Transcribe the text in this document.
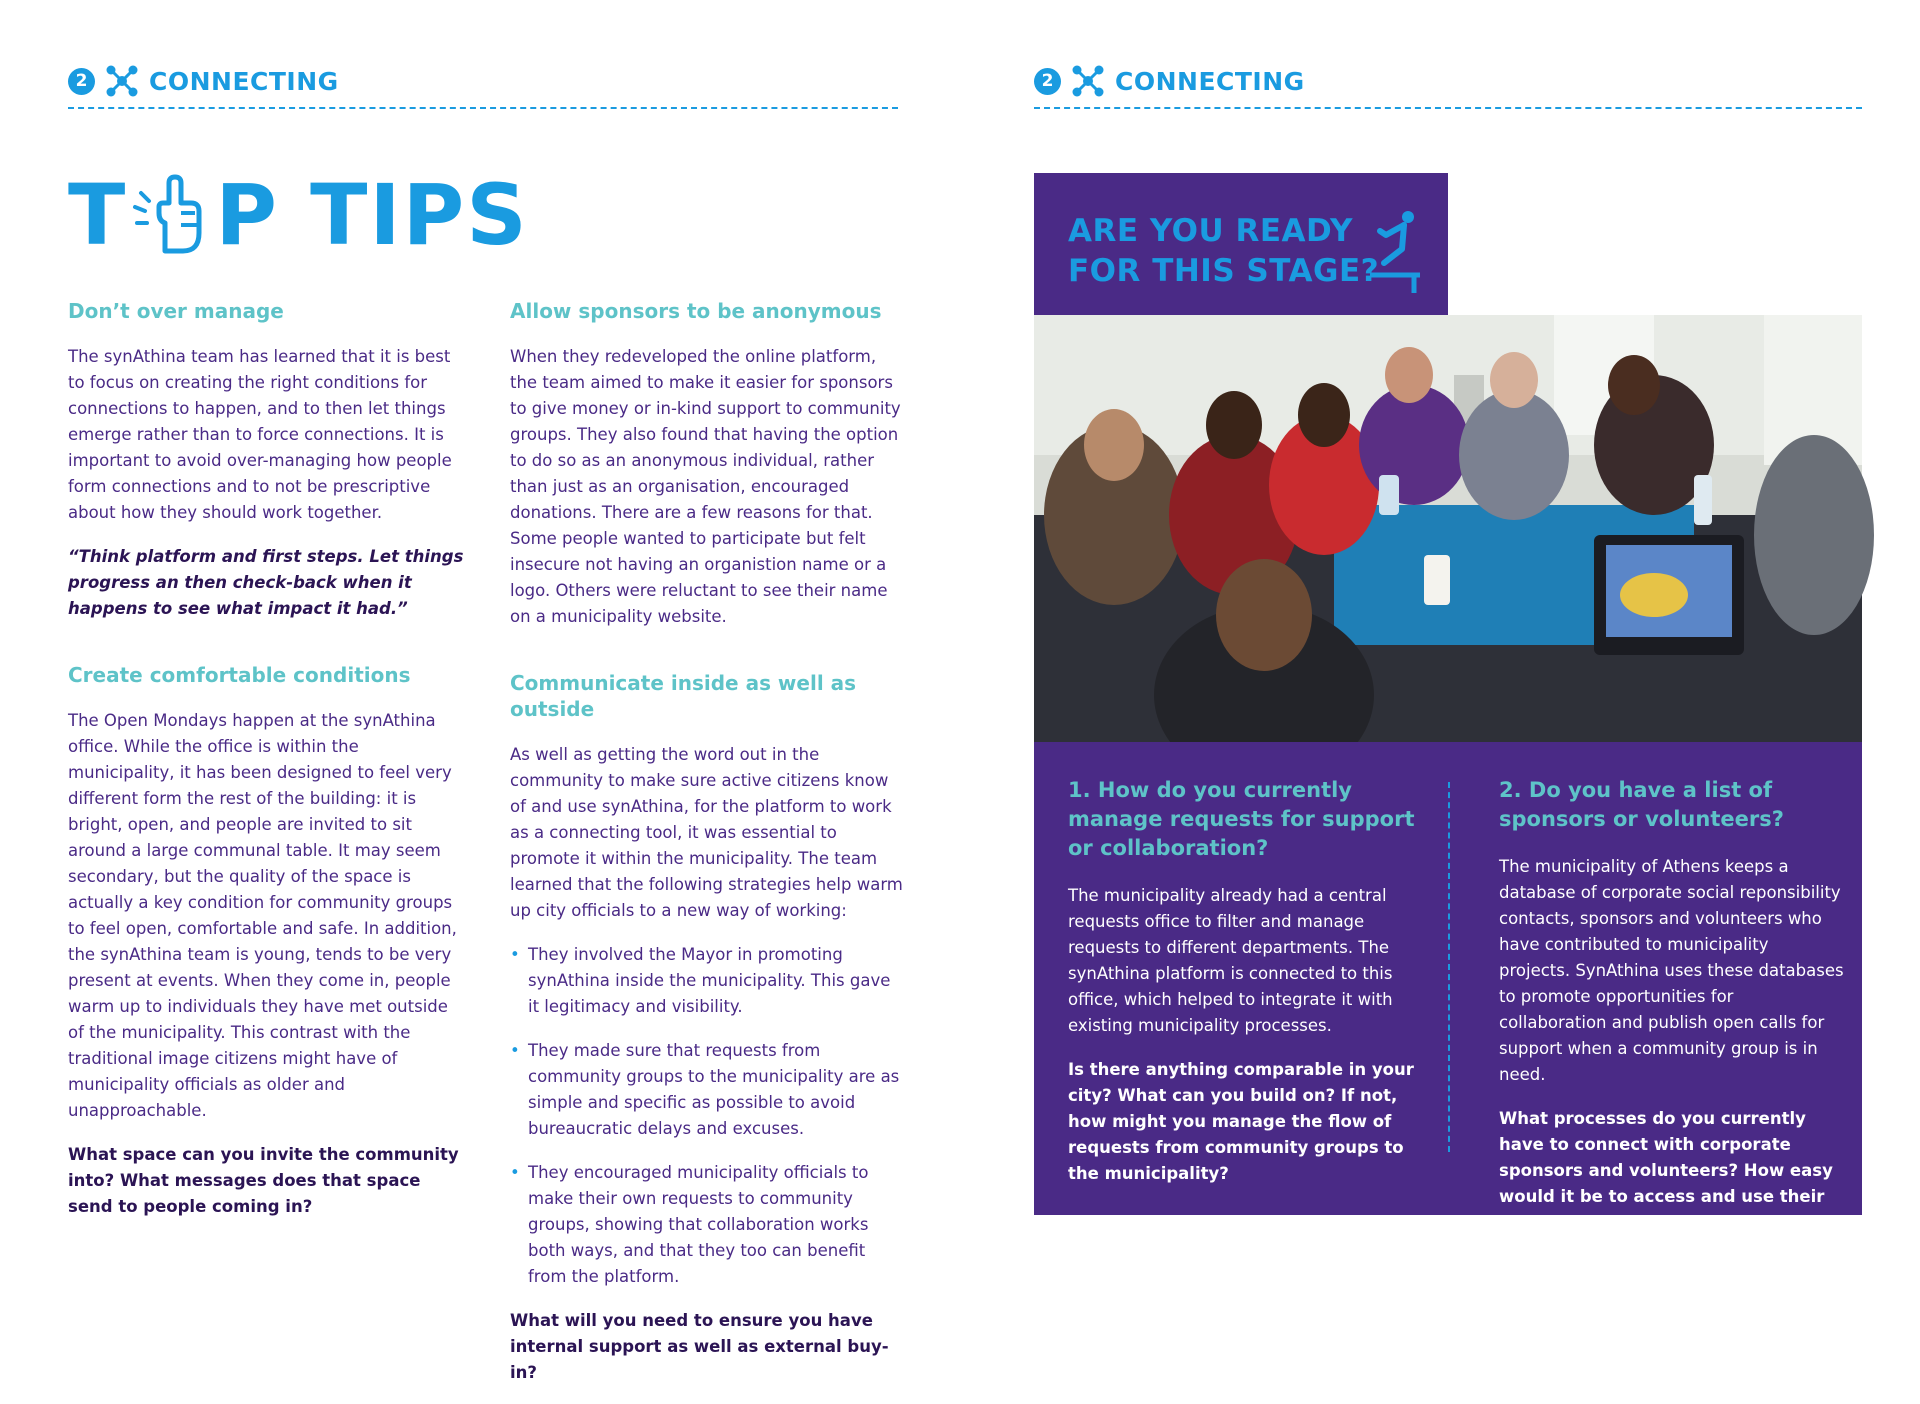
2	CONNECTING
T P TIPS
Don’t over manage

The synAthina team has learned that it is best to focus on creating the right conditions for connections to happen, and to then let things emerge rather than to force connections. It is important to avoid over-managing how people form connections and to not be prescriptive about how they should work together.

“Think platform and first steps. Let things progress an then check-back when it happens to see what impact it had.”

Create comfortable conditions

The Open Mondays happen at the synAthina office. While the office is within the municipality, it has been designed to feel very different form the rest of the building: it is bright, open, and people are invited to sit around a large communal table. It may seem secondary, but the quality of the space is actually a key condition for community groups to feel open, comfortable and safe. In addition, the synAthina team is young, tends to be very present at events. When they come in, people warm up to individuals they have met outside of the municipality. This contrast with the traditional image citizens might have of municipality officials as older and unapproachable.

What space can you invite the community into? What messages does that space send to people coming in?

Allow sponsors to be anonymous

When they redeveloped the online platform, the team aimed to make it easier for sponsors to give money or in-kind support to community groups. They also found that having the option to do so as an anonymous individual, rather than just as an organisation, encouraged donations. There are a few reasons for that. Some people wanted to participate but felt insecure not having an organistion name or a logo. Others were reluctant to see their name on a municipality website.

Communicate inside as well as outside

As well as getting the word out in the community to make sure active citizens know of and use synAthina, for the platform to work as a connecting tool, it was essential to promote it within the municipality. The team learned that the following strategies help warm up city officials to a new way of working:

• They involved the Mayor in promoting synAthina inside the municipality. This gave it legitimacy and visibility.
• They made sure that requests from community groups to the municipality are as simple and specific as possible to avoid bureaucratic delays and excuses.
• They encouraged municipality officials to make their own requests to community groups, showing that collaboration works both ways, and that they too can benefit from the platform.

What will you need to ensure you have internal support as well as external buy-in?

2	CONNECTING
ARE YOU READY
FOR THIS STAGE?
1. How do you currently manage requests for support or collaboration?

The municipality already had a central requests office to filter and manage requests to different departments. The synAthina platform is connected to this office, which helped to integrate it with existing municipality processes.

Is there anything comparable in your city? What can you build on? If not, how might you manage the flow of requests from community groups to the municipality?

2. Do you have a list of sponsors or volunteers?

The municipality of Athens keeps a database of corporate social reponsibility contacts, sponsors and volunteers who have contributed to municipality projects. SynAthina uses these databases to promote opportunities for collaboration and publish open calls for support when a community group is in need.

What processes do you currently have to connect with corporate sponsors and volunteers? How easy would it be to access and use their details?
